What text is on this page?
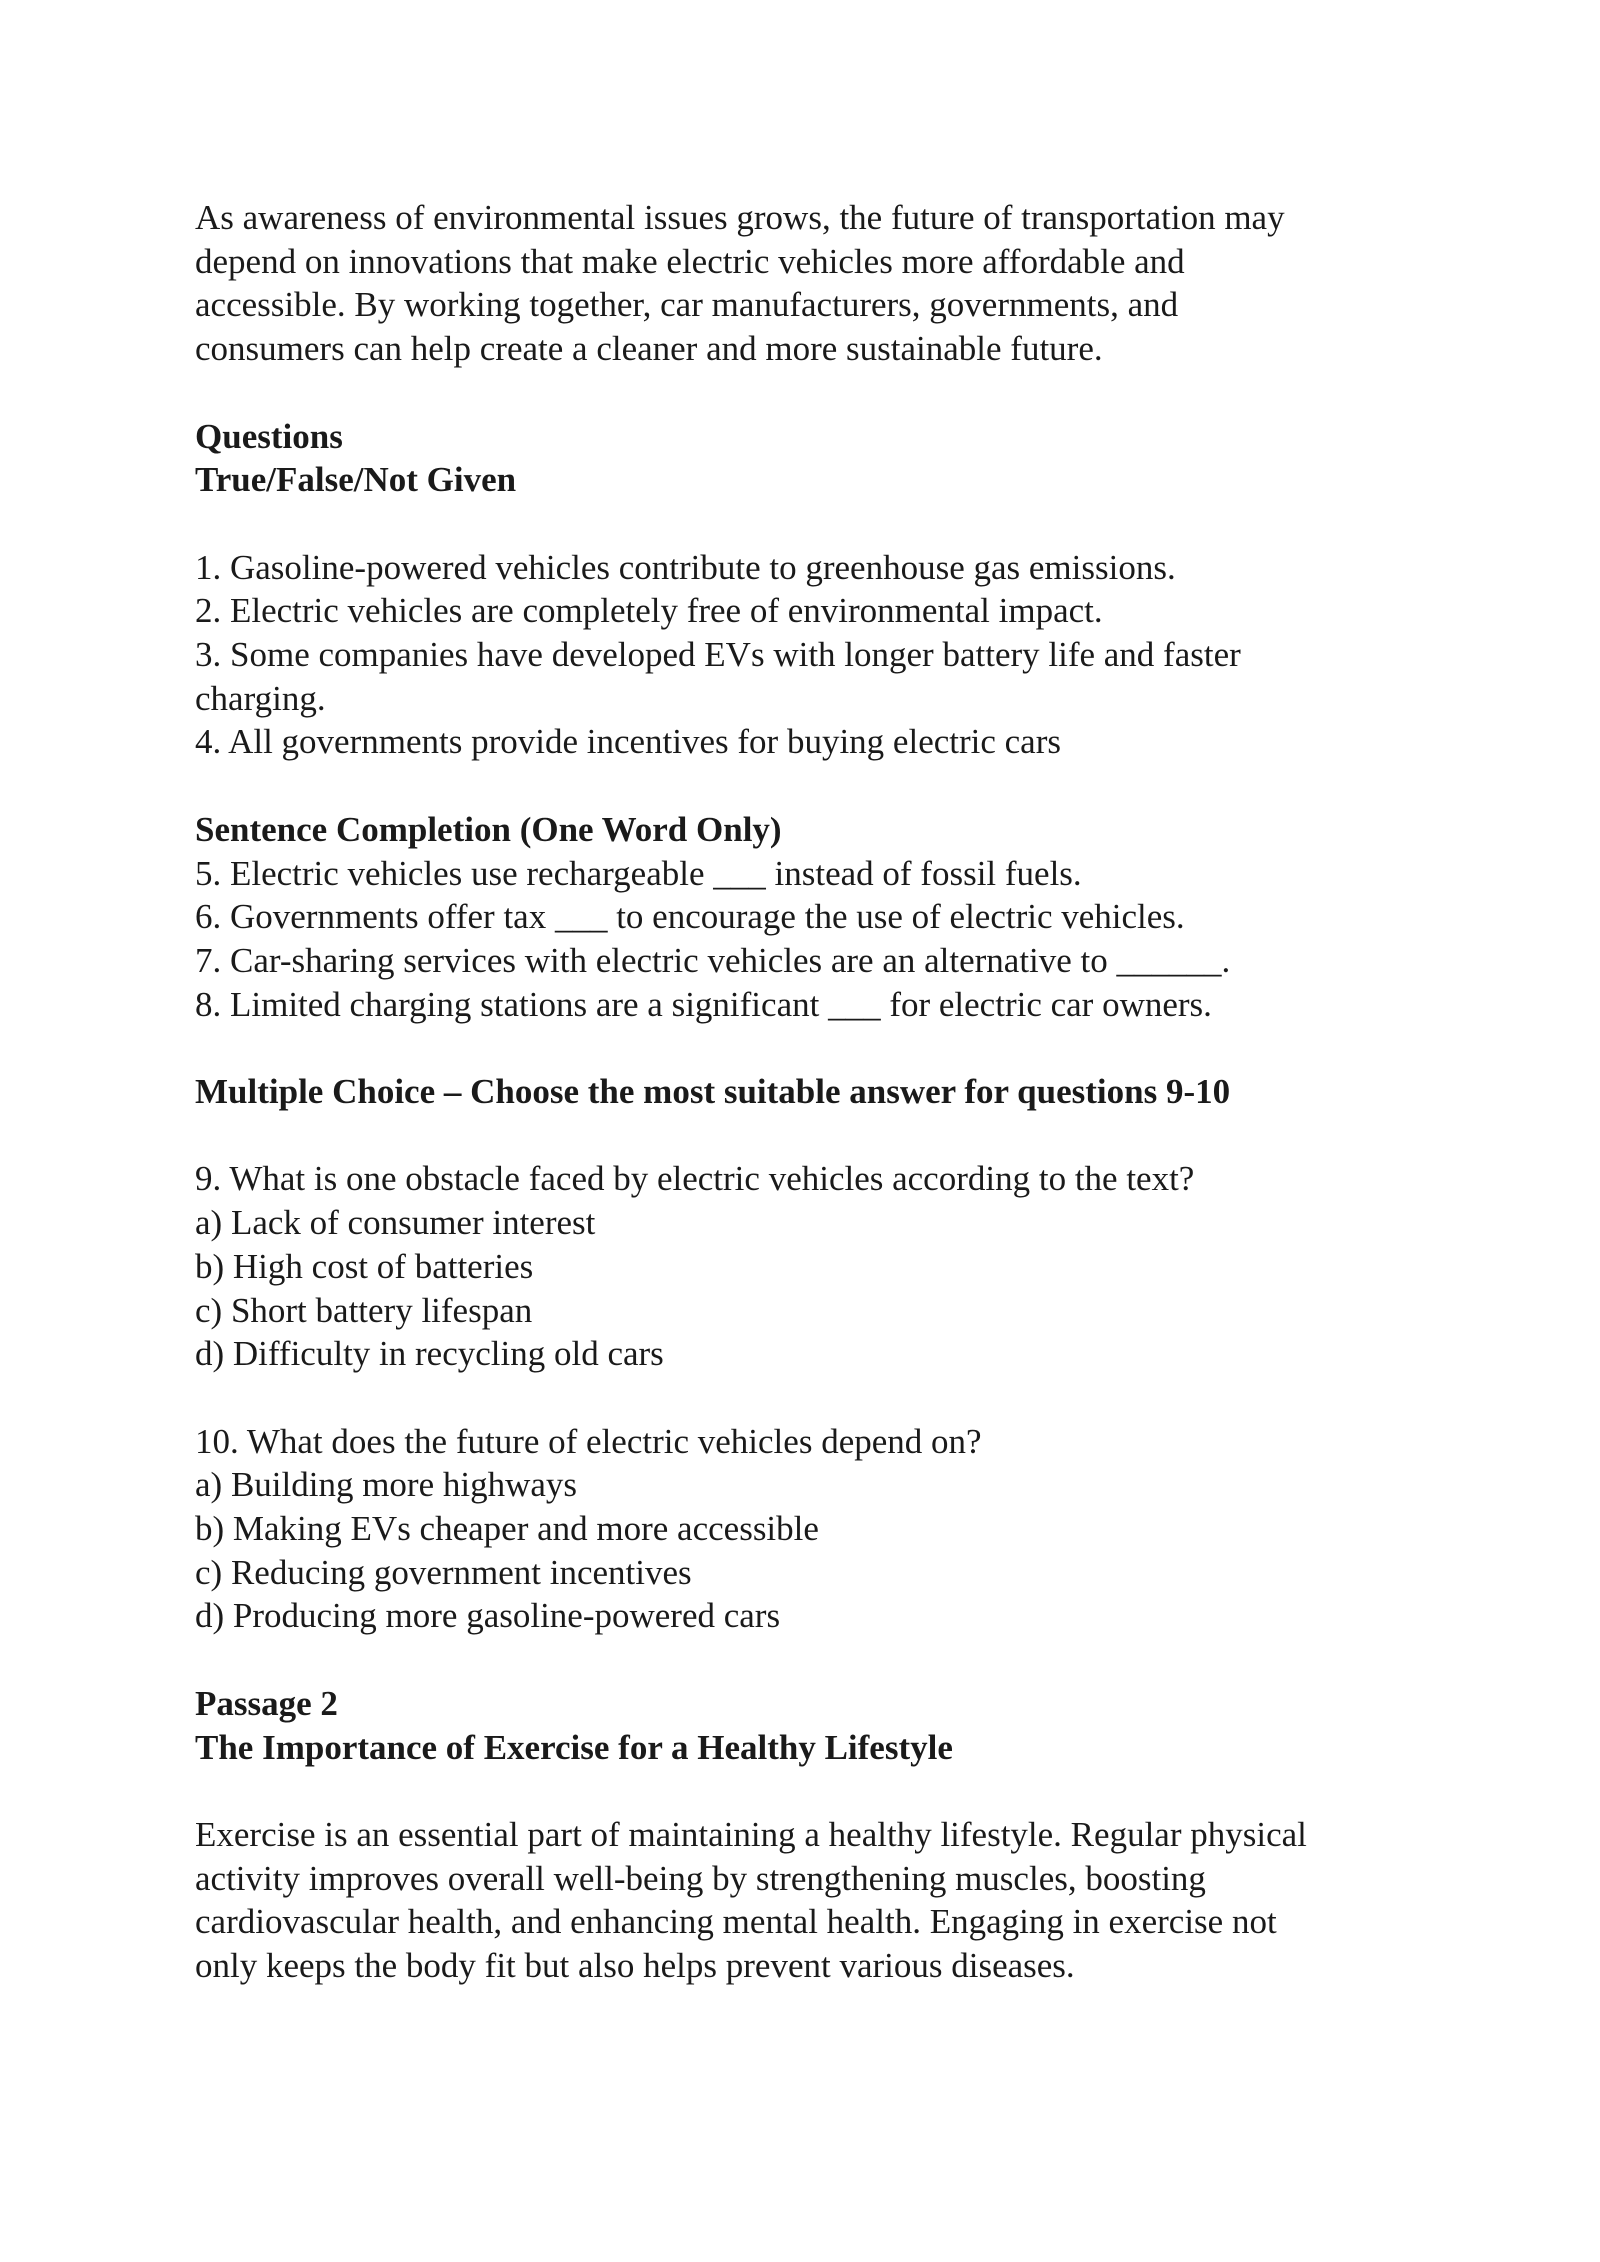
As awareness of environmental issues grows, the future of transportation may
depend on innovations that make electric vehicles more affordable and
accessible. By working together, car manufacturers, governments, and
consumers can help create a cleaner and more sustainable future.
Questions
True/False/Not Given
1. Gasoline-powered vehicles contribute to greenhouse gas emissions.
2. Electric vehicles are completely free of environmental impact.
3. Some companies have developed EVs with longer battery life and faster
charging.
4. All governments provide incentives for buying electric cars
Sentence Completion (One Word Only)
5. Electric vehicles use rechargeable ___ instead of fossil fuels.
6. Governments offer tax ___ to encourage the use of electric vehicles.
7. Car-sharing services with electric vehicles are an alternative to ______.
8. Limited charging stations are a significant ___ for electric car owners.
Multiple Choice – Choose the most suitable answer for questions 9-10
9. What is one obstacle faced by electric vehicles according to the text?
a) Lack of consumer interest
b) High cost of batteries
c) Short battery lifespan
d) Difficulty in recycling old cars
10. What does the future of electric vehicles depend on?
a) Building more highways
b) Making EVs cheaper and more accessible
c) Reducing government incentives
d) Producing more gasoline-powered cars
Passage 2
The Importance of Exercise for a Healthy Lifestyle
Exercise is an essential part of maintaining a healthy lifestyle. Regular physical
activity improves overall well-being by strengthening muscles, boosting
cardiovascular health, and enhancing mental health. Engaging in exercise not
only keeps the body fit but also helps prevent various diseases.
